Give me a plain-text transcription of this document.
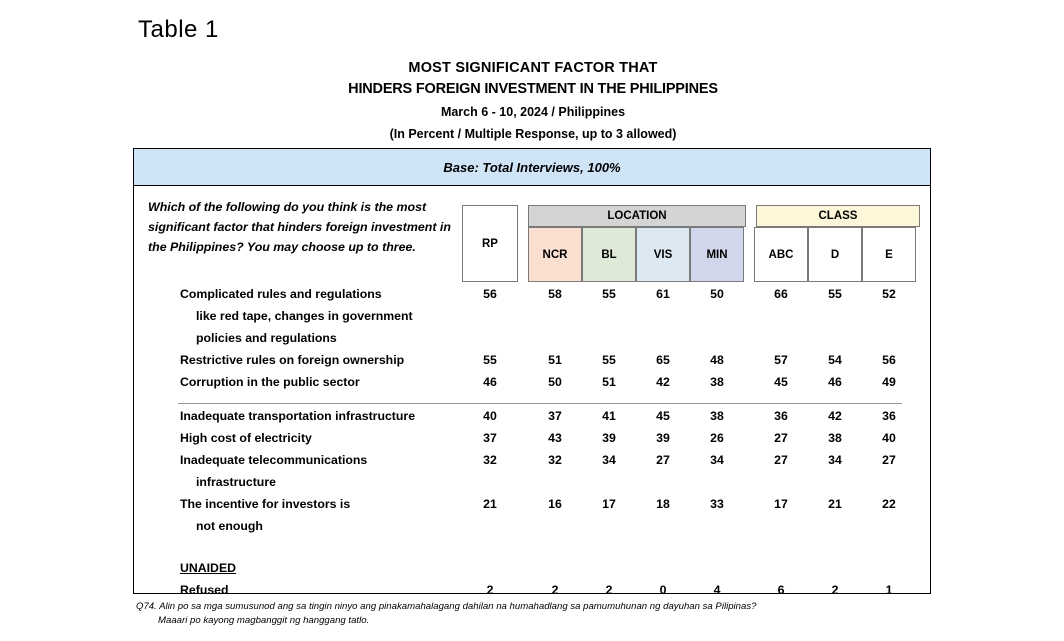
Table 1
MOST SIGNIFICANT FACTOR THAT
HINDERS FOREIGN INVESTMENT IN THE PHILIPPINES
March 6 - 10, 2024 / Philippines
(In Percent / Multiple Response, up to 3 allowed)
Base: Total Interviews, 100%
Which of the following do you think is the most significant factor that hinders foreign investment in the Philippines? You may choose up to three.
LOCATION	CLASS
RP
NCR	BL	VIS	MIN	ABC	D	E
Complicated rules and regulations	56	58	55	61	50	66	55	52
like red tape, changes in government
policies and regulations
Restrictive rules on foreign ownership	55	51	55	65	48	57	54	56
Corruption in the public sector	46	50	51	42	38	45	46	49
Inadequate transportation infrastructure	40	37	41	45	38	36	42	36
High cost of electricity	37	43	39	39	26	27	38	40
Inadequate telecommunications	32	32	34	27	34	27	34	27
infrastructure
The incentive for investors is	21	16	17	18	33	17	21	22
not enough
UNAIDED
Refused	2	2	2	0	4	6	2	1
Q74. Alin po sa mga sumusunod ang sa tingin ninyo ang pinakamahalagang dahilan na humahadlang sa pamumuhunan ng dayuhan sa Pilipinas?
Maaari po kayong magbanggit ng hanggang tatlo.
